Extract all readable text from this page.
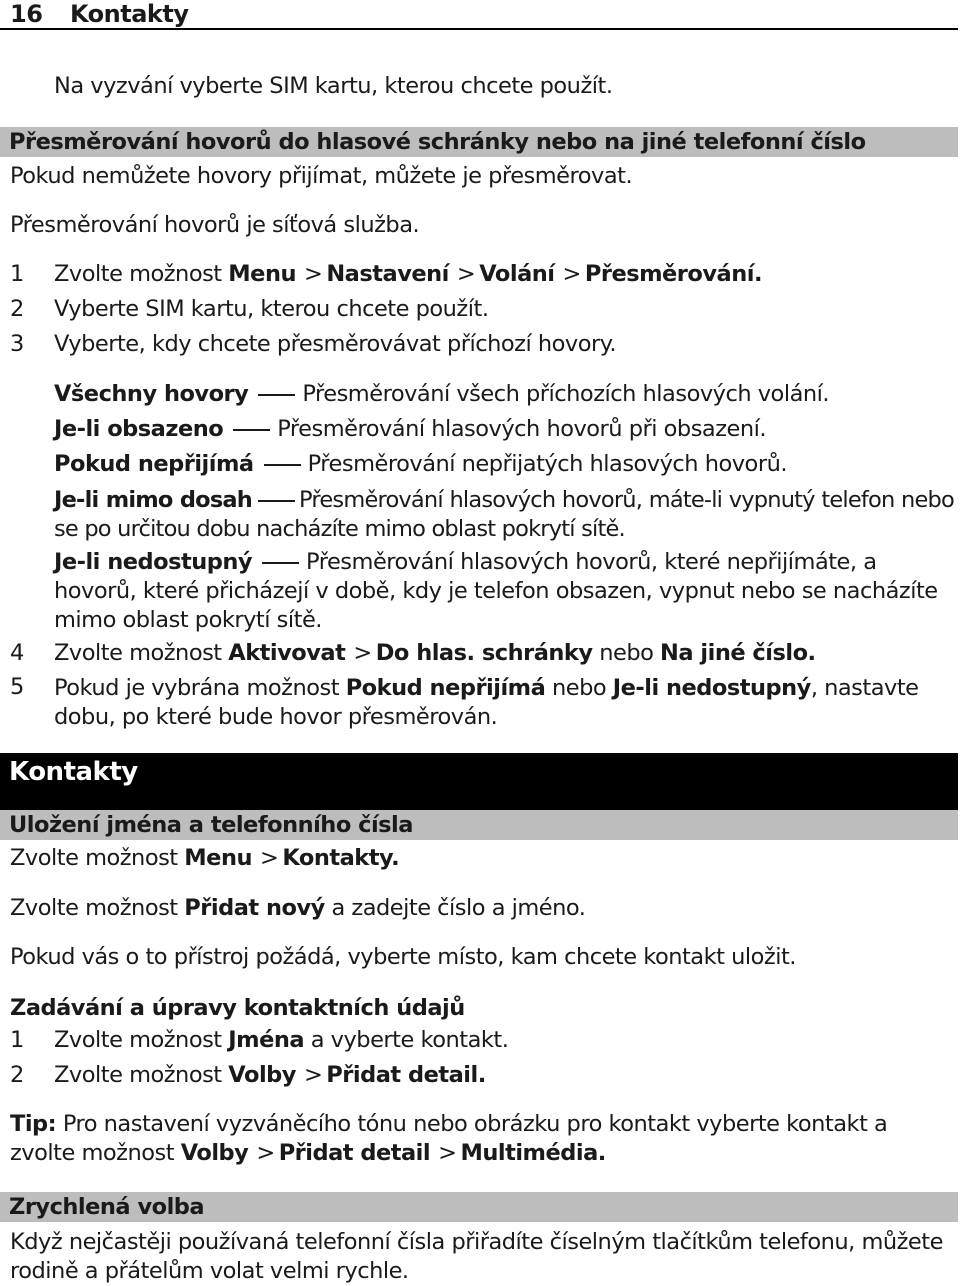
16 Kontakty
Na vyzvání vyberte SIM kartu, kterou chcete použít.
Přesměrování hovorů do hlasové schránky nebo na jiné telefonní číslo
Pokud nemůžete hovory přijímat, můžete je přesměrovat.
Přesměrování hovorů je síťová služba.
1 Zvolte možnost Menu > Nastavení > Volání > Přesměrování.
2 Vyberte SIM kartu, kterou chcete použít.
3 Vyberte, kdy chcete přesměrovávat příchozí hovory.
Všechny hovory Přesměrování všech příchozích hlasových volání.
Je-li obsazeno Přesměrování hlasových hovorů při obsazení.
Pokud nepřijímá Přesměrování nepřijatých hlasových hovorů.
Je-li mimo dosah Přesměrování hlasových hovorů, máte-li vypnutý telefon nebo se po určitou dobu nacházíte mimo oblast pokrytí sítě.
Je-li nedostupný Přesměrování hlasových hovorů, které nepřijímáte, a hovorů, které přicházejí v době, kdy je telefon obsazen, vypnut nebo se nacházíte mimo oblast pokrytí sítě.
4 Zvolte možnost Aktivovat > Do hlas. schránky nebo Na jiné číslo.
5 Pokud je vybrána možnost Pokud nepřijímá nebo Je-li nedostupný, nastavte dobu, po které bude hovor přesměrován.
Kontakty
Uložení jména a telefonního čísla
Zvolte možnost Menu > Kontakty.
Zvolte možnost Přidat nový a zadejte číslo a jméno.
Pokud vás o to přístroj požádá, vyberte místo, kam chcete kontakt uložit.
Zadávání a úpravy kontaktních údajů
1 Zvolte možnost Jména a vyberte kontakt.
2 Zvolte možnost Volby > Přidat detail.
Tip: Pro nastavení vyzváněcího tónu nebo obrázku pro kontakt vyberte kontakt a zvolte možnost Volby > Přidat detail > Multimédia.
Zrychlená volba
Když nejčastěji používaná telefonní čísla přiřadíte číselným tlačítkům telefonu, můžete rodině a přátelům volat velmi rychle.
